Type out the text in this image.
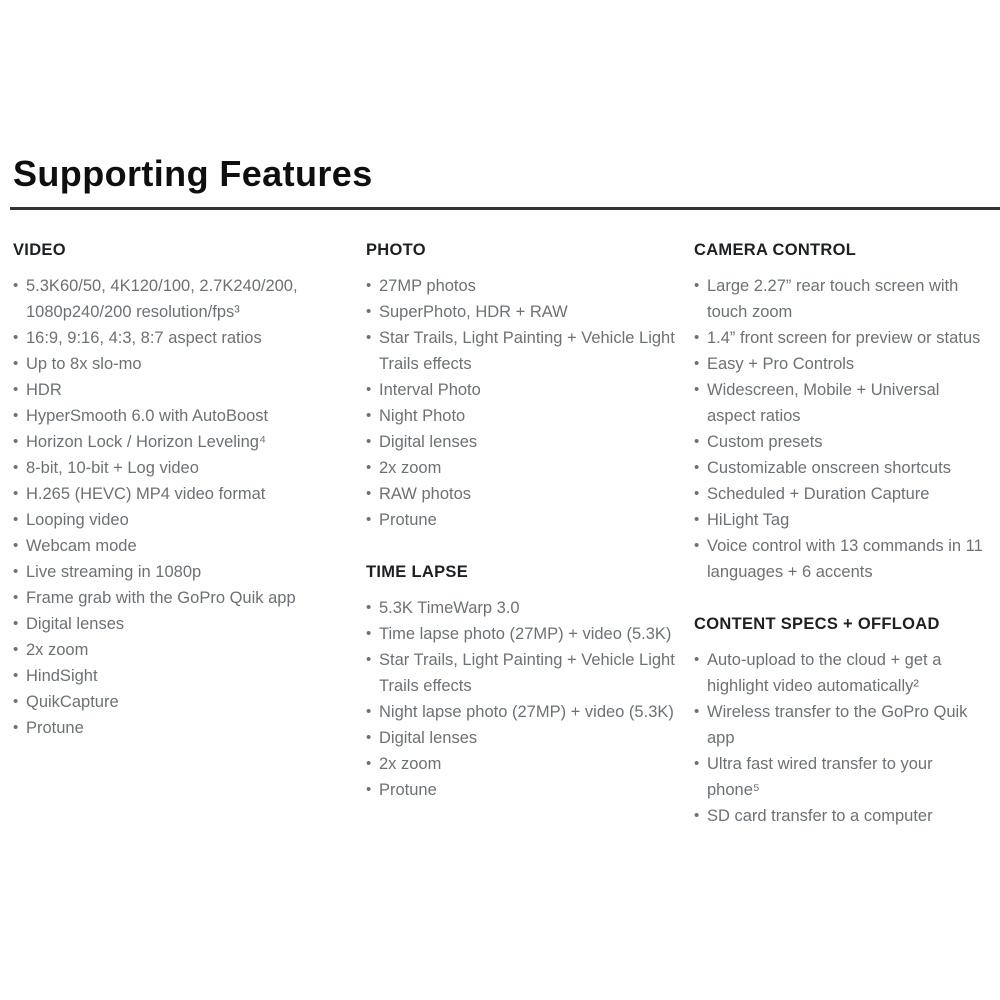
Supporting Features
VIDEO
• 5.3K60/50, 4K120/100, 2.7K240/200, 1080p240/200 resolution/fps³
• 16:9, 9:16, 4:3, 8:7 aspect ratios
• Up to 8x slo-mo
• HDR
• HyperSmooth 6.0 with AutoBoost
• Horizon Lock / Horizon Leveling⁴
• 8-bit, 10-bit + Log video
• H.265 (HEVC) MP4 video format
• Looping video
• Webcam mode
• Live streaming in 1080p
• Frame grab with the GoPro Quik app
• Digital lenses
• 2x zoom
• HindSight
• QuikCapture
• Protune
PHOTO
• 27MP photos
• SuperPhoto, HDR + RAW
• Star Trails, Light Painting + Vehicle Light Trails effects
• Interval Photo
• Night Photo
• Digital lenses
• 2x zoom
• RAW photos
• Protune
TIME LAPSE
• 5.3K TimeWarp 3.0
• Time lapse photo (27MP) + video (5.3K)
• Star Trails, Light Painting + Vehicle Light Trails effects
• Night lapse photo (27MP) + video (5.3K)
• Digital lenses
• 2x zoom
• Protune
CAMERA CONTROL
• Large 2.27” rear touch screen with touch zoom
• 1.4” front screen for preview or status
• Easy + Pro Controls
• Widescreen, Mobile + Universal aspect ratios
• Custom presets
• Customizable onscreen shortcuts
• Scheduled + Duration Capture
• HiLight Tag
• Voice control with 13 commands in 11 languages + 6 accents
CONTENT SPECS + OFFLOAD
• Auto-upload to the cloud + get a highlight video automatically²
• Wireless transfer to the GoPro Quik app
• Ultra fast wired transfer to your phone⁵
• SD card transfer to a computer
